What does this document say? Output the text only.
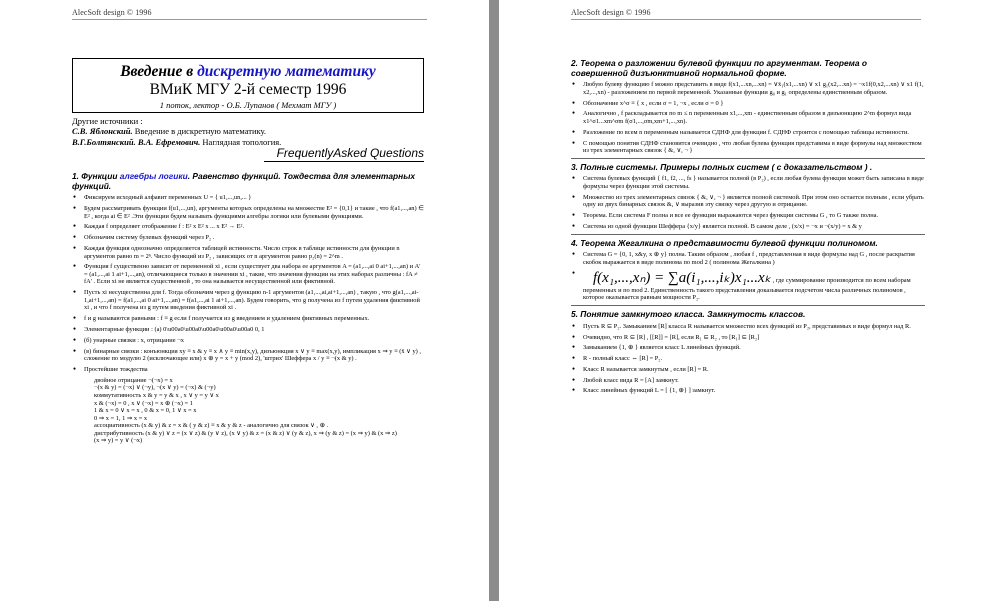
AlecSoft design © 1996
Введение в дискретную математику
ВМиК МГУ 2-й семестр 1996
1 поток, лектор - О.Б. Лупанов ( Мехмат МГУ )
Другие источники :
С.В. Яблонский. Введение в дискретную математику.
В.Г.Болтянский. В.А. Ефремович. Наглядная топология.
FrequentlyAsked Questions
1. Функции алгебры логики. Равенство функций. Тождества для элементарных функций.

● Фиксируем исходный алфавит переменных U = { u1,...,un,... }

● Будем рассматривать функции f(u1,...,un), аргументы которых определены на множестве E² = {0,1} и такие , что f(a1,...,an) ∈ E² , когда ai ∈ E² .Эти функции будем называть функциями алгебры логики или булевыми функциями.

● Каждая f определяет отображение f : E² x E² x ... x E² → E².

● Обозначим систему булевых функций через P₂ .

● Каждая функция однозначно определяется таблицей истинности. Число строк в таблице истинности для функции n аргументов равно m = 2ⁿ. Число функций из P₂ , зависящих от n аргументов равно p₂(n) = 2^m .

● Функция f существенно зависит от переменной xi , если существует два набора ее аргументов A = (a1,...,ai 0 ai+1,...,an) и A' = (a1,...,ai 1 ai+1,...,an), отличающиеся только в значении xi , такие, что значения функции на этих наборах различны : fA ≠ fA' . Если xi не является существенной , то она называется несущественной или фиктивной.

● Пусть xi несущественна для f. Тогда обозначим через g функцию n-1 аргументов (a1,...,ai,ai+1,...,an) , такую , что g(a1,...,ai-1,ai+1,...,an) = f(a1,...,ai 0 ai+1,...,an) = f(a1,...,ai 1 ai+1,...,an). Будем говорить, что g получена из f путем удаления фиктивной xi , и что f получена из g путем введения фиктивной xi .

● f и g называются равными : f ≡ g если f получается из g введением и удалением фиктивных переменных.

● Элементарные функции : (a) 0\u00a0\u00a0\u00a0\u00a0\u00a0 0, 1

● (б) унарные связки : x, отрицание ¬x

● (в) бинарные связки : конъюнкция xy ≡ x & y ≡ x ∧ y ≡ min(x,y), дизъюнкция x ∨ y ≡ max(x,y), импликация x ⇒ y ≡ (x̄ ∨ y) , сложение по модулю 2 (исключающее или) x ⊕ y = x + y (mod 2), 'штрих' Шеффера x / y ≡ ¬(x & y) .

● Простейшие тождества

двойное отрицание ¬(¬x) = x

¬(x & y) = (¬x) ∨ (¬y), ¬(x ∨ y) = (¬x) & (¬y)

коммутативность x & y = y & x , x ∨ y = y ∨ x

x & (¬x) = 0 , x ∨ (¬x) = x ⊕ (¬x) = 1

1 & x = 0 ∨ x = x , 0 & x = 0, 1 ∨ x = x

0 ⇒ x = 1, 1 ⇒ x = x

ассоциативность (x & y) & z = x & ( y & z) ≡ x & y & z - аналогично для связок ∨ , ⊕ .

дистрибутивность (x & y) ∨ z = (x ∨ z) & (y ∨ z), (x ∨ y) & z = (x & z) ∨ (y & z), x ⇒ (y & z) = (x ⇒ y) & (x ⇒ z)

(x ⇒ y) = y ∨ (¬x)

AlecSoft design © 1996
2. Теорема о разложении булевой функции по аргументам. Теорема о совершенной дизъюнктивной нормальной форме.

● Любую булеву функцию f можно представить в виде f(x1,...xn,...xn) = ∨x̄₁(x1,...xn) ∨ x1 g₁(x2,...xn) = ¬x1f(0,x2,...xn) ∨ x1 f(1, x2,...,xn) - разложением по первой переменной. Указанные функции g₀ и g₁ определены единственным образом.

● Обозначение x^σ ≡ { x , если σ = 1, ¬x , если σ = 0 }

● Аналогично , f раскладывается по m ≤ n переменным x1,...,xm - единственным образом в дизъюнкцию 2^m формул вида x1^σ1...xm^σm f(σ1,...,σm,xm+1,...,xn).

● Разложение по всем n переменным называется СДНФ для функции f. СДНФ строится с помощью таблицы истинности.

● С помощью понятия СДНФ становится очевидно , что любая булева функция представима в виде формулы над множеством из трех элементарных связок { &, ∨, ¬ }

3. Полные системы. Примеры полных систем ( с доказательством ) .

● Система булевых функций { f1, f2, ..., fs } называется полной (в P₂) , если любая булева функция может быть записана в виде формулы через функции этой системы.

● Множество из трех элементарных связок { &, ∨, ¬ } является полной системой. При этом оно остается полным , если убрать одну из двух бинарных связок &, ∨ выразив эту связку через другую и отрицание.

● Теорема. Если система F полна и все ее функции выражаются через функции системы G , то G также полна.

● Система из одной функции Шеффера {x/y} является полной. В самом деле , (x/x) = ¬x и ¬(x/y) = x & y

4. Теорема Жегалкина о представимости булевой функции полиномом.

● Система G = {0, 1, x&y, x ⊕ y} полна. Таким образом , любая f , представленная в виде формулы над G , после раскрытия скобок выражается в виде полинома по mod 2 ( полинома Жегалкина )

● f(x₁,...,xₙ) = ∑a(i₁,...,iₖ)x₁...xₖ , где суммирование производится по всем наборам переменных и по mod 2. Единственность такого представления доказывается подсчетом числа различных полиномов , которое оказывается равным мощности P₂.

5. Понятие замкнутого класса. Замкнутость классов.

● Пусть R ⊆ P₂. Замыканием [R] класса R называется множество всех функций из P₂, представимых в виде формул над R.

● Очевидно, что R ⊆ [R] , [[R]] = [R], если R₁ ⊆ R₂ , то [R₁] ⊆ [R₂]

● Замыканием {1, ⊕ } является класс L линейных функций.

● R - полный класс ⇔ [R] = P₂.

● Класс R называется замкнутым , если [R] = R.

● Любой класс вида R = [A] замкнут.

● Класс линейных функций L = [ {1, ⊕} ] замкнут.
